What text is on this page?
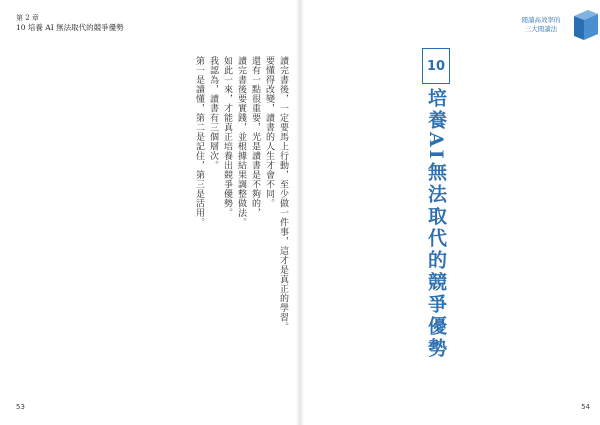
第 2 章
10 培養 AI 無法取代的競爭優勢
讀完書後，一定要馬上行動，至少做一件事，這才是真正的學習。
要懂得改變，讀書的人生才會不同。
還有一點很重要，光是讀書是不夠的，
讀完書後要實踐，並根據結果調整做法。
如此一來，才能真正培養出競爭優勢。
我認為，讀書有三個層次。
第一是讀懂，第二是記住，第三是活用。
53
閱讀高效率的
三大閱讀法
10
培養AI無法取代的競爭優勢
54
